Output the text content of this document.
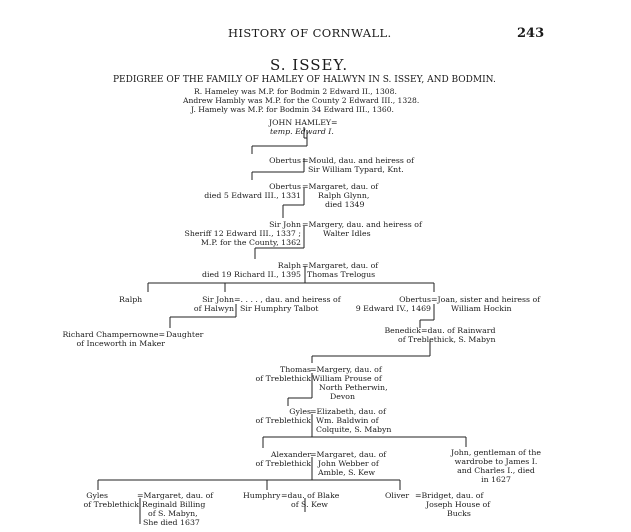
HISTORY OF CORNWALL.	243
S. ISSEY.
PEDIGREE OF THE FAMILY OF HAMLEY OF HALWYN IN S. ISSEY, AND BODMIN.
R. Hameley was M.P. for Bodmin 2 Edward II., 1308.
Andrew Hambly was M.P. for the County 2 Edward III., 1328.
J. Hamely was M.P. for Bodmin 34 Edward III., 1360.
JOHN HAMLEY=
temp. Edward I.
Obertus =Mould, dau. and heiress of
Sir William Typard, Knt.
Obertus
died 5 Edward III., 1331
=Margaret, dau. of
Ralph Glynn,
died 1349
Sir John
Sheriff 12 Edward III., 1337 ;
M.P. for the County, 1362
=Margery, dau. and heiress of
Walter Idles
Ralph
died 19 Richard II., 1395
=Margaret, dau. of
Thomas Trelogus
Ralph	Sir John
of Halwyn
=. . . . , dau. and heiress of
Sir Humphry Talbot
Obertus
9 Edward IV., 1469
=Joan, sister and heiress of
William Hockin
Richard Champernowne=
of Inceworth in Maker
Daughter	Benedick =dau. of Rainward
of Treblethick, S. Mabyn
Thomas
of Treblethick
=Margery, dau. of
William Prouse of
North Petherwin,
Devon
Gyles
of Treblethick
=Elizabeth, dau. of
Wm. Baldwin of
Colquite, S. Mabyn
Alexander
of Treblethick
=Margaret, dau. of
John Webber of
Amble, S. Kew
John, gentleman of the
wardrobe to James I.
and Charles I., died
in 1627
Gyles
of Treblethick
=Margaret, dau. of
Reginald Billing
of S. Mabyn,
She died 1637
Humphry =dau. of Blake
of S. Kew
Oliver =Bridget, dau. of
Joseph House of
Bucks
